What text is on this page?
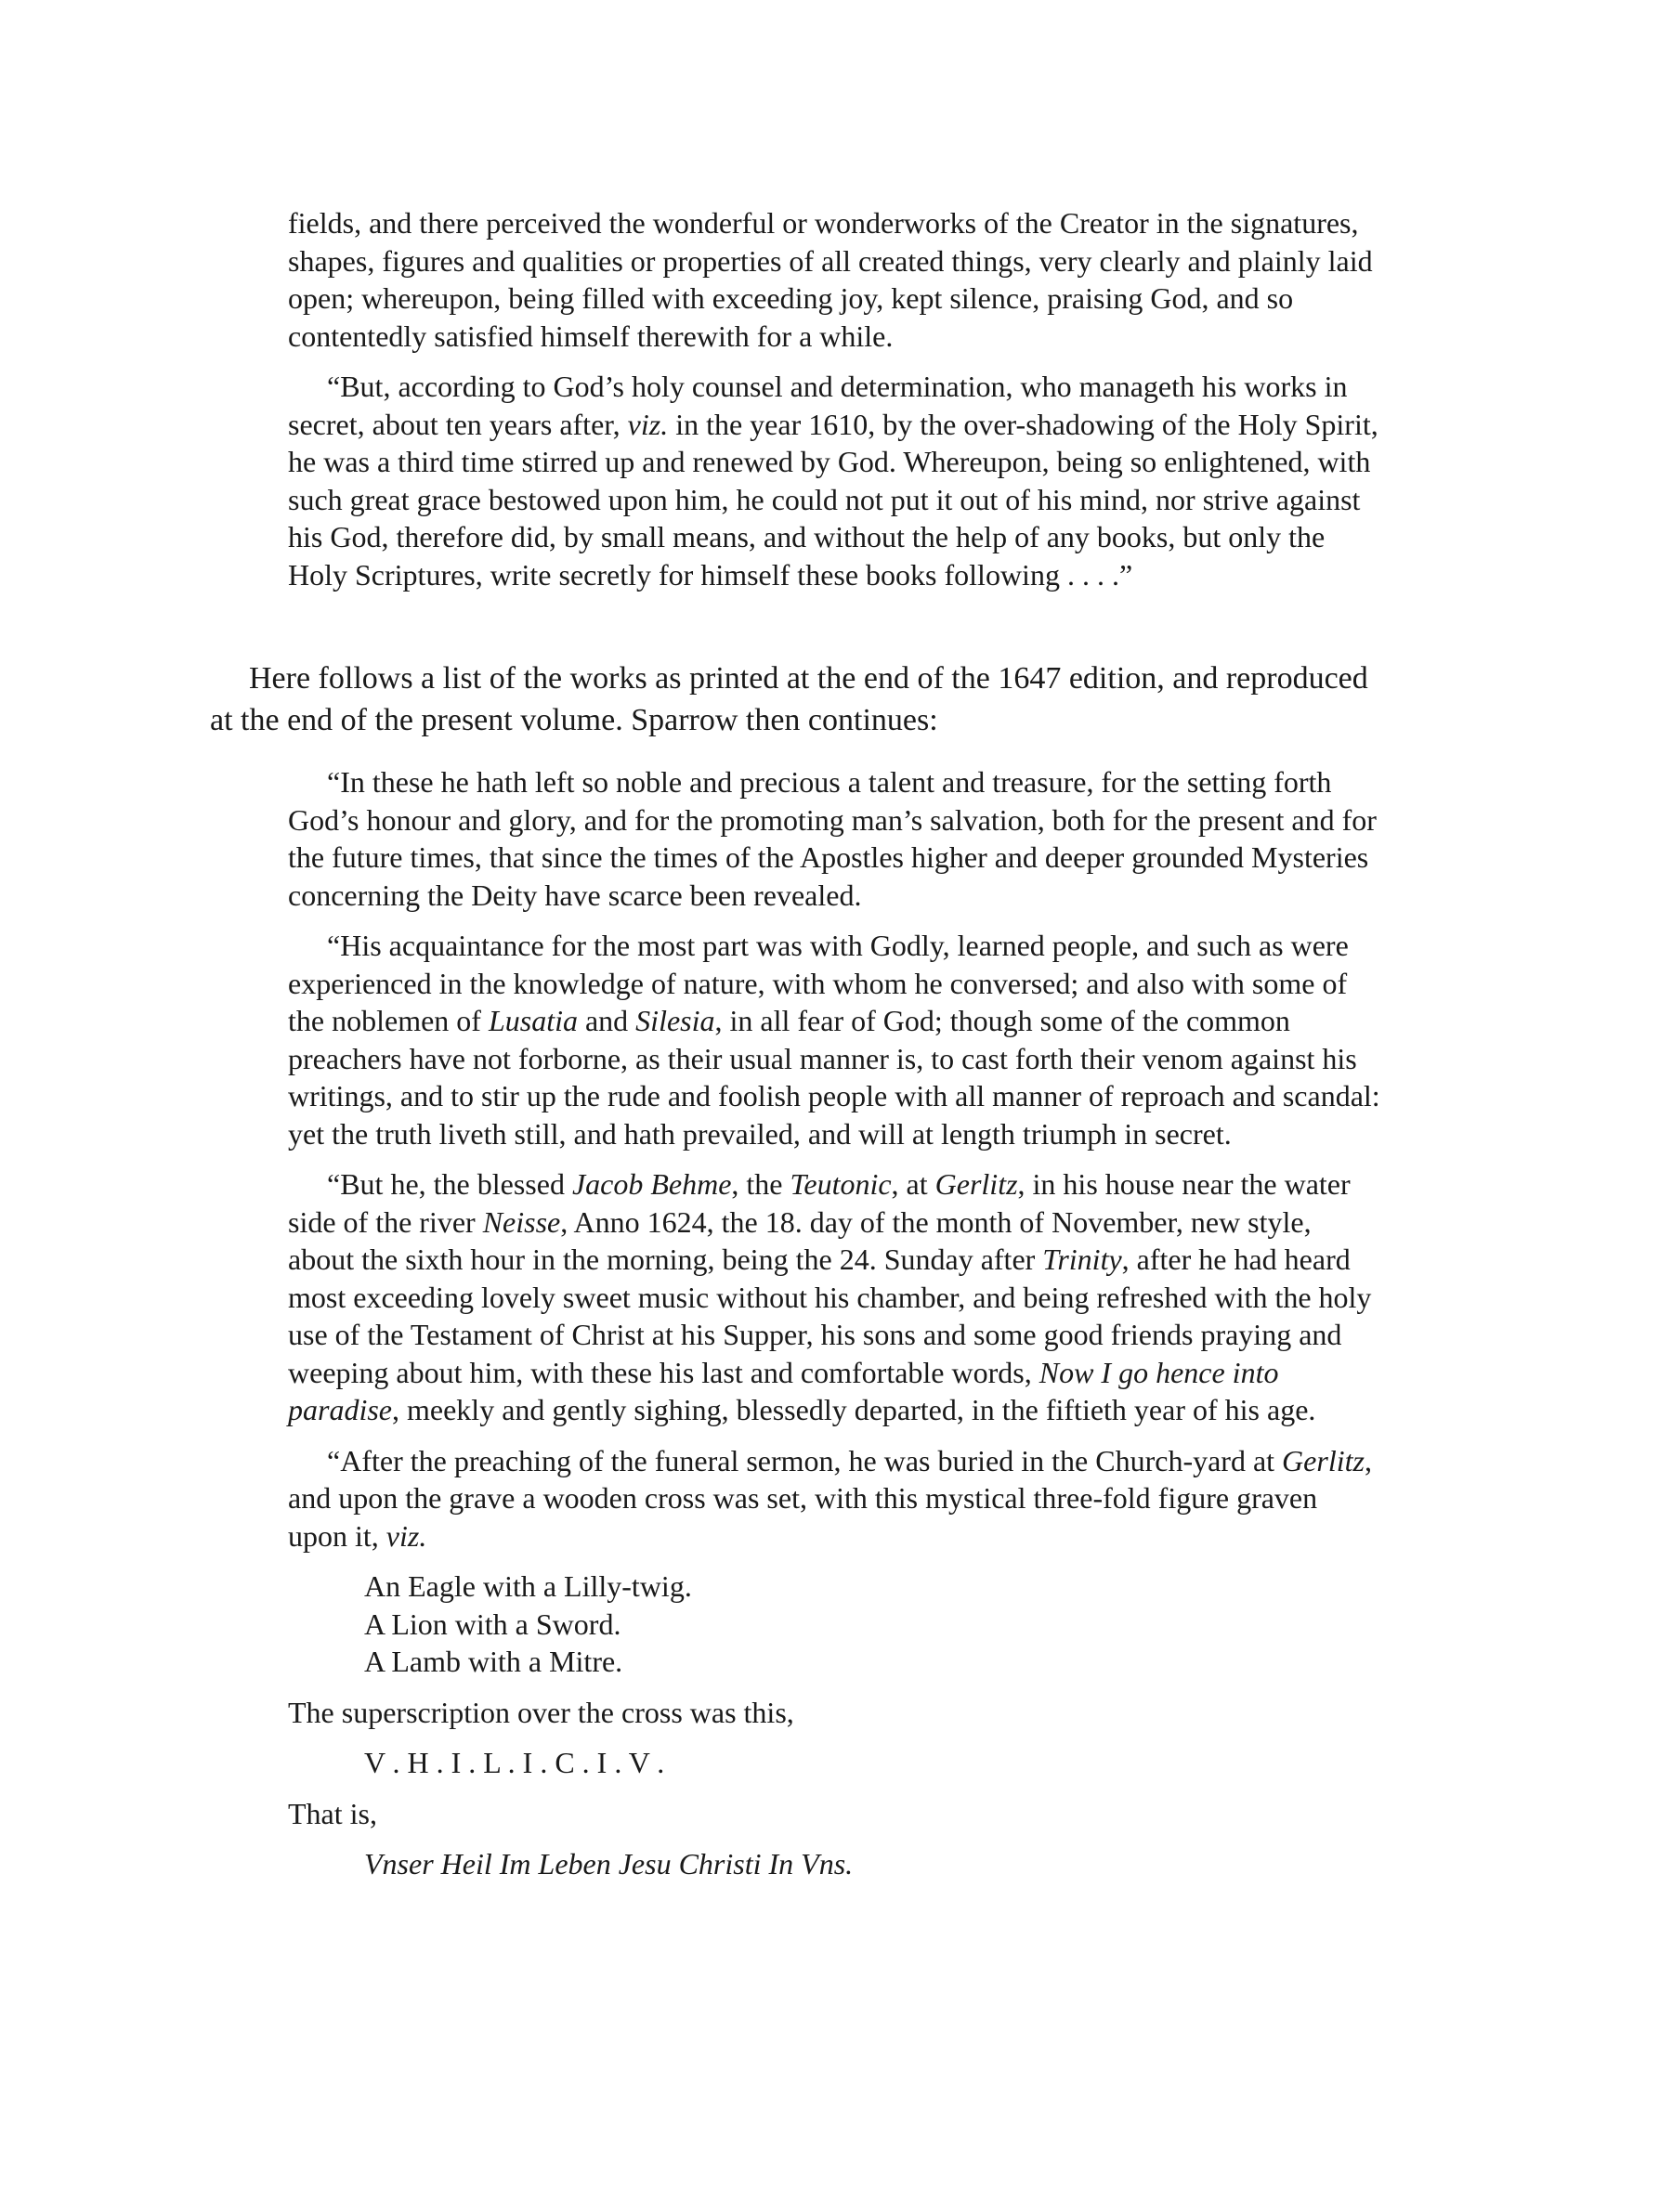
fields, and there perceived the wonderful or wonderworks of the Creator in the signatures, shapes, figures and qualities or properties of all created things, very clearly and plainly laid open; whereupon, being filled with exceeding joy, kept silence, praising God, and so contentedly satisfied himself therewith for a while.

“But, according to God’s holy counsel and determination, who manageth his works in secret, about ten years after, viz. in the year 1610, by the over-shadowing of the Holy Spirit, he was a third time stirred up and renewed by God. Whereupon, being so enlightened, with such great grace bestowed upon him, he could not put it out of his mind, nor strive against his God, therefore did, by small means, and without the help of any books, but only the Holy Scriptures, write secretly for himself these books following . . . .”

Here follows a list of the works as printed at the end of the 1647 edition, and reproduced at the end of the present volume. Sparrow then continues:

“In these he hath left so noble and precious a talent and treasure, for the setting forth God’s honour and glory, and for the promoting man’s salvation, both for the present and for the future times, that since the times of the Apostles higher and deeper grounded Mysteries concerning the Deity have scarce been revealed.

“His acquaintance for the most part was with Godly, learned people, and such as were experienced in the knowledge of nature, with whom he conversed; and also with some of the noblemen of Lusatia and Silesia, in all fear of God; though some of the common preachers have not forborne, as their usual manner is, to cast forth their venom against his writings, and to stir up the rude and foolish people with all manner of reproach and scandal: yet the truth liveth still, and hath prevailed, and will at length triumph in secret.

“But he, the blessed Jacob Behme, the Teutonic, at Gerlitz, in his house near the water side of the river Neisse, Anno 1624, the 18. day of the month of November, new style, about the sixth hour in the morning, being the 24. Sunday after Trinity, after he had heard most exceeding lovely sweet music without his chamber, and being refreshed with the holy use of the Testament of Christ at his Supper, his sons and some good friends praying and weeping about him, with these his last and comfortable words, Now I go hence into paradise, meekly and gently sighing, blessedly departed, in the fiftieth year of his age.

“After the preaching of the funeral sermon, he was buried in the Church-yard at Gerlitz, and upon the grave a wooden cross was set, with this mystical three-fold figure graven upon it, viz.

An Eagle with a Lilly-twig.
A Lion with a Sword.
A Lamb with a Mitre.

The superscription over the cross was this,

V . H . I . L . I . C . I . V .

That is,

Vnser Heil Im Leben Jesu Christi In Vns.
